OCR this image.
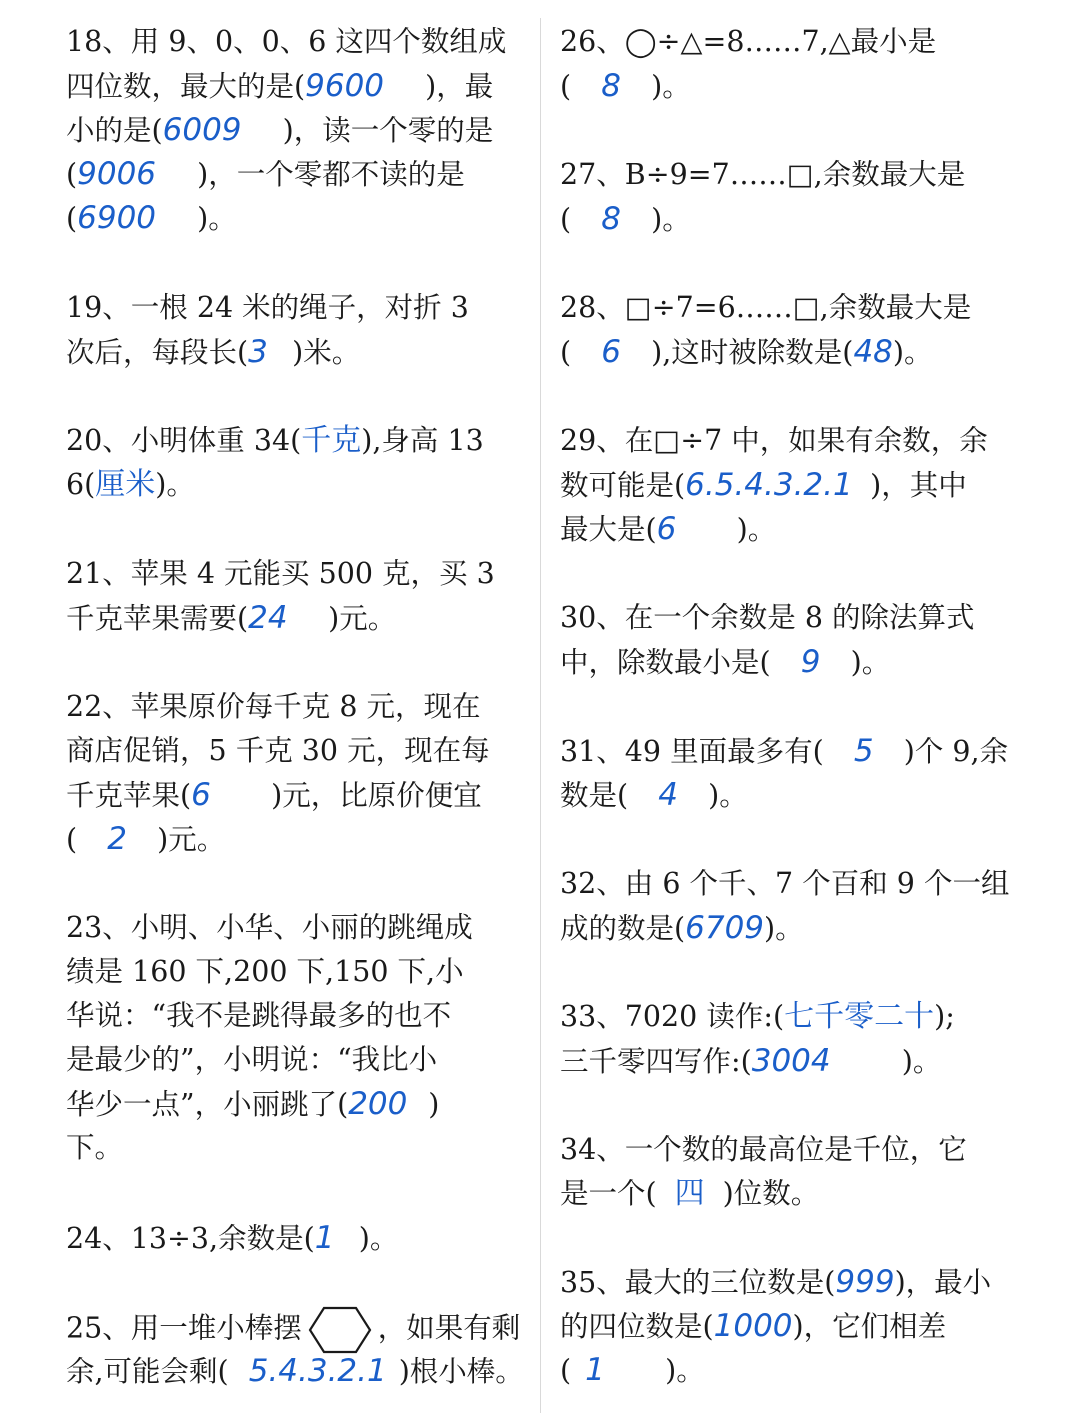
18、用 9、0、0、6 这四个数组成
四位数，最大的是(9600 )，最
小的是(6009 )，读一个零的是
(9006 )，一个零都不读的是
(6900 )。
19、一根 24 米的绳子，对折 3
次后，每段长(3 )米。
20、小明体重 34(千克),身高 13
6(厘米)。
21、苹果 4 元能买 500 克，买 3
千克苹果需要(24 )元。
22、苹果原价每千克 8 元，现在
商店促销，5 千克 30 元，现在每
千克苹果(6 )元，比原价便宜
( 2 )元。
23、小明、小华、小丽的跳绳成
绩是 160 下,200 下,150 下,小
华说：“我不是跳得最多的也不
是最少的”，小明说：“我比小
华少一点”，小丽跳了(200 )
下。
24、13÷3,余数是(1 )。
25、用一堆小棒摆	，如果有剩
余,可能会剩( 5.4.3.2.1 )根小棒。
26、◯÷△=8……7,△最小是
( 8 )。
27、B÷9=7……□,余数最大是
( 8 )。
28、□÷7=6……□,余数最大是
( 6 ),这时被除数是(48)。
29、在□÷7 中，如果有余数，余
数可能是(6.5.4.3.2.1 )，其中
最大是(6 )。
30、在一个余数是 8 的除法算式
中，除数最小是( 9 )。
31、49 里面最多有( 5 )个 9,余
数是( 4 )。
32、由 6 个千、7 个百和 9 个一组
成的数是(6709)。
33、7020 读作:(七千零二十);
三千零四写作:(3004 )。
34、一个数的最高位是千位，它
是一个( 四 )位数。
35、最大的三位数是(999)，最小
的四位数是(1000)，它们相差
( 1 )。
